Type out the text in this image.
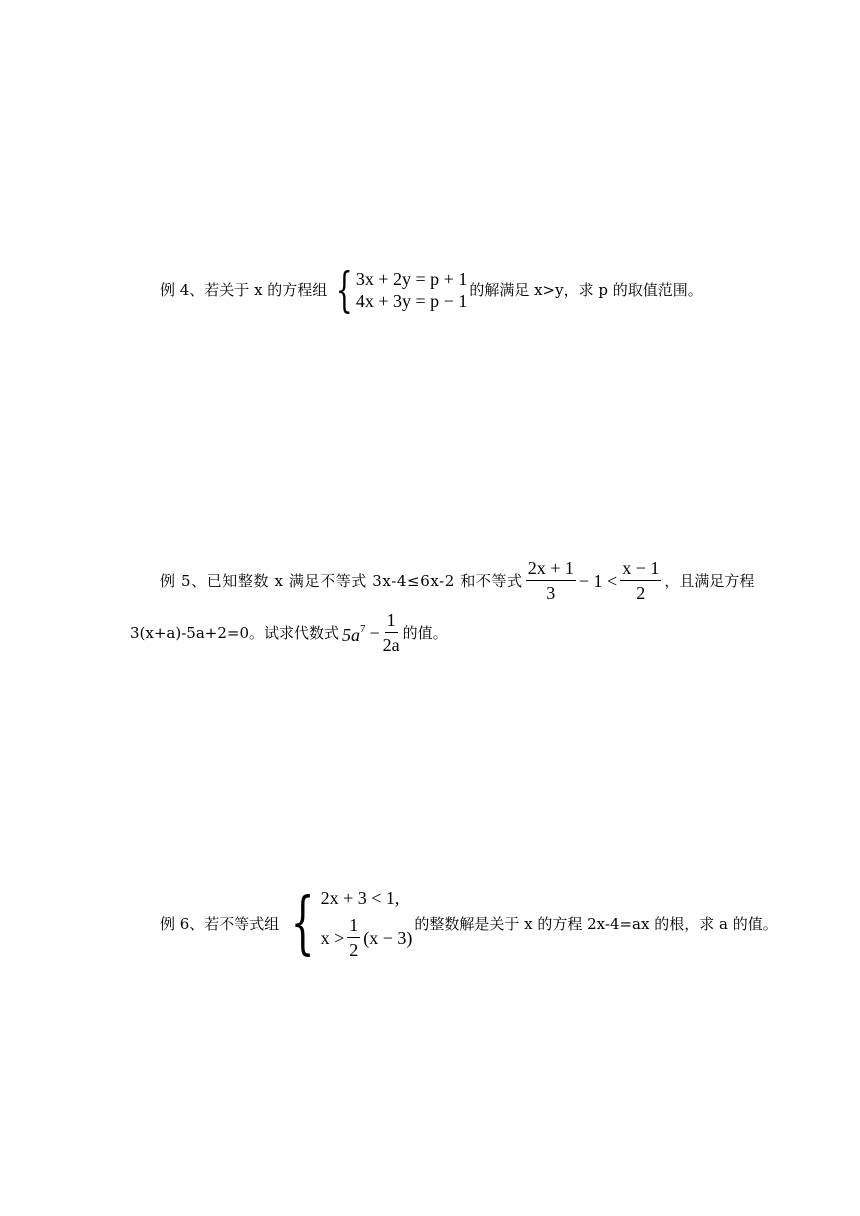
例 4、若关于 x 的方程组 { 3x + 2y = p + 1
4x + 3y = p − 1
的解满足 x>y，求 p 的取值范围。
例 5、已知整数 x 满足不等式 3x-4≤6x-2 和不等式 $\frac{2x + 1}{3} - 1 < \frac{x - 1}{2}$ ，且满足方程
3(x+a)-5a+2=0。试求代数式 $5a^7 - \frac{1}{2a}$ 的值。
例 6、若不等式组 { 2x + 3 < 1,
$x > \frac{1}{2} (x - 3)$
的整数解是关于 x 的方程 2x-4=ax 的根，求 a 的值。
